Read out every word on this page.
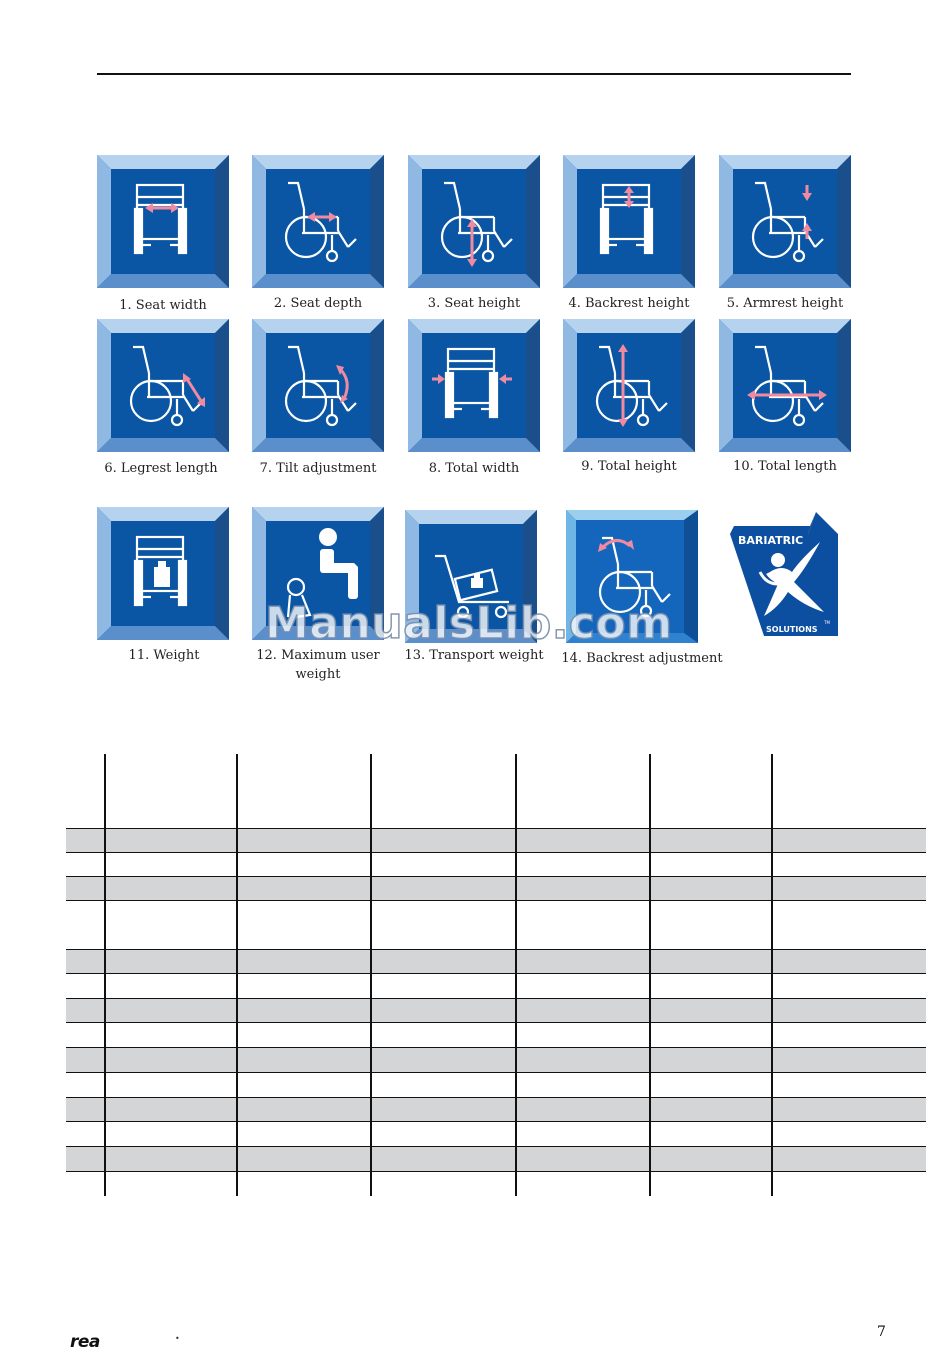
1. Seat width	2. Seat depth	3. Seat height	4. Backrest height	5. Armrest height
6. Legrest length	7. Tilt adjustment	8. Total width	9. Total height	10. Total length
11. Weight	12. Maximum user weight
13. Transport weight	14. Backrest adjustment
BARIATRIC
SOLUTIONS
TM
ManualsLib.com
rea	•	7
